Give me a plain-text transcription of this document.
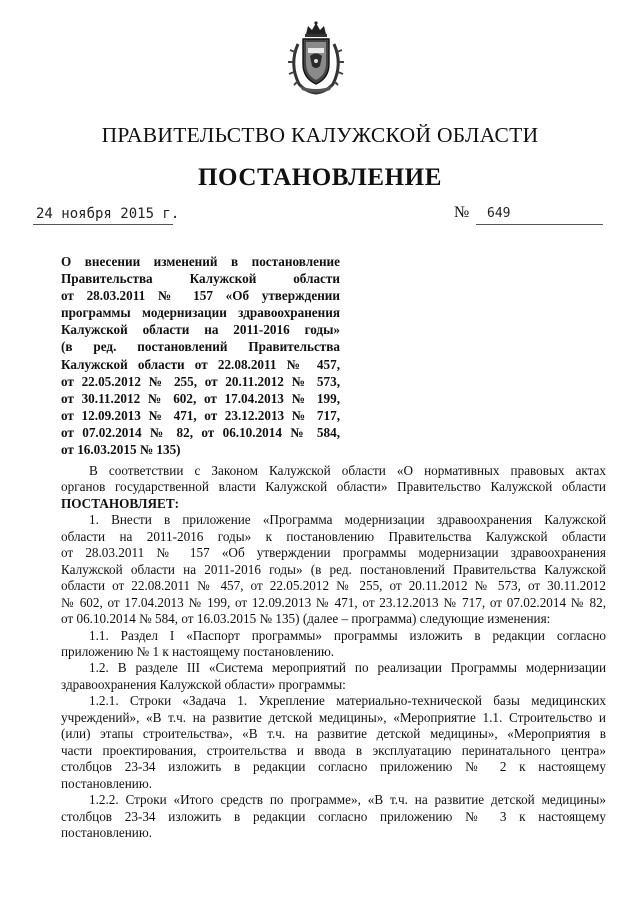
ПРАВИТЕЛЬСТВО КАЛУЖСКОЙ ОБЛАСТИ
ПОСТАНОВЛЕНИЕ
24 ноября 2015 г.	№ 649
О внесении изменений в постановление
Правительства Калужской области
от 28.03.2011 № 157 «Об утверждении
программы модернизации здравоохранения
Калужской области на 2011-2016 годы»
(в ред. постановлений Правительства
Калужской области от 22.08.2011 № 457,
от 22.05.2012 № 255, от 20.11.2012 № 573,
от 30.11.2012 № 602, от 17.04.2013 № 199,
от 12.09.2013 № 471, от 23.12.2013 № 717,
от 07.02.2014 № 82, от 06.10.2014 № 584,
от 16.03.2015 № 135)

В соответствии с Законом Калужской области «О нормативных правовых актах
органов государственной власти Калужской области» Правительство Калужской области

ПОСТАНОВЛЯЕТ:

1. Внести в приложение «Программа модернизации здравоохранения Калужской
области на 2011-2016 годы» к постановлению Правительства Калужской области
от 28.03.2011 № 157 «Об утверждении программы модернизации здравоохранения
Калужской области на 2011-2016 годы» (в ред. постановлений Правительства Калужской
области от 22.08.2011 № 457, от 22.05.2012 № 255, от 20.11.2012 № 573, от 30.11.2012
№ 602, от 17.04.2013 № 199, от 12.09.2013 № 471, от 23.12.2013 № 717, от 07.02.2014 № 82,
от 06.10.2014 № 584, от 16.03.2015 № 135) (далее – программа) следующие изменения:

1.1. Раздел I «Паспорт программы» программы изложить в редакции согласно
приложению № 1 к настоящему постановлению.

1.2. В разделе III «Система мероприятий по реализации Программы модернизации
здравоохранения Калужской области» программы:

1.2.1. Строки «Задача 1. Укрепление материально-технической базы медицинских
учреждений», «В т.ч. на развитие детской медицины», «Мероприятие 1.1. Строительство и
(или) этапы строительства», «В т.ч. на развитие детской медицины», «Мероприятия в
части проектирования, строительства и ввода в эксплуатацию перинатального центра»
столбцов 23-34 изложить в редакции согласно приложению № 2 к настоящему
постановлению.

1.2.2. Строки «Итого средств по программе», «В т.ч. на развитие детской медицины»
столбцов 23-34 изложить в редакции согласно приложению № 3 к настоящему
постановлению.
